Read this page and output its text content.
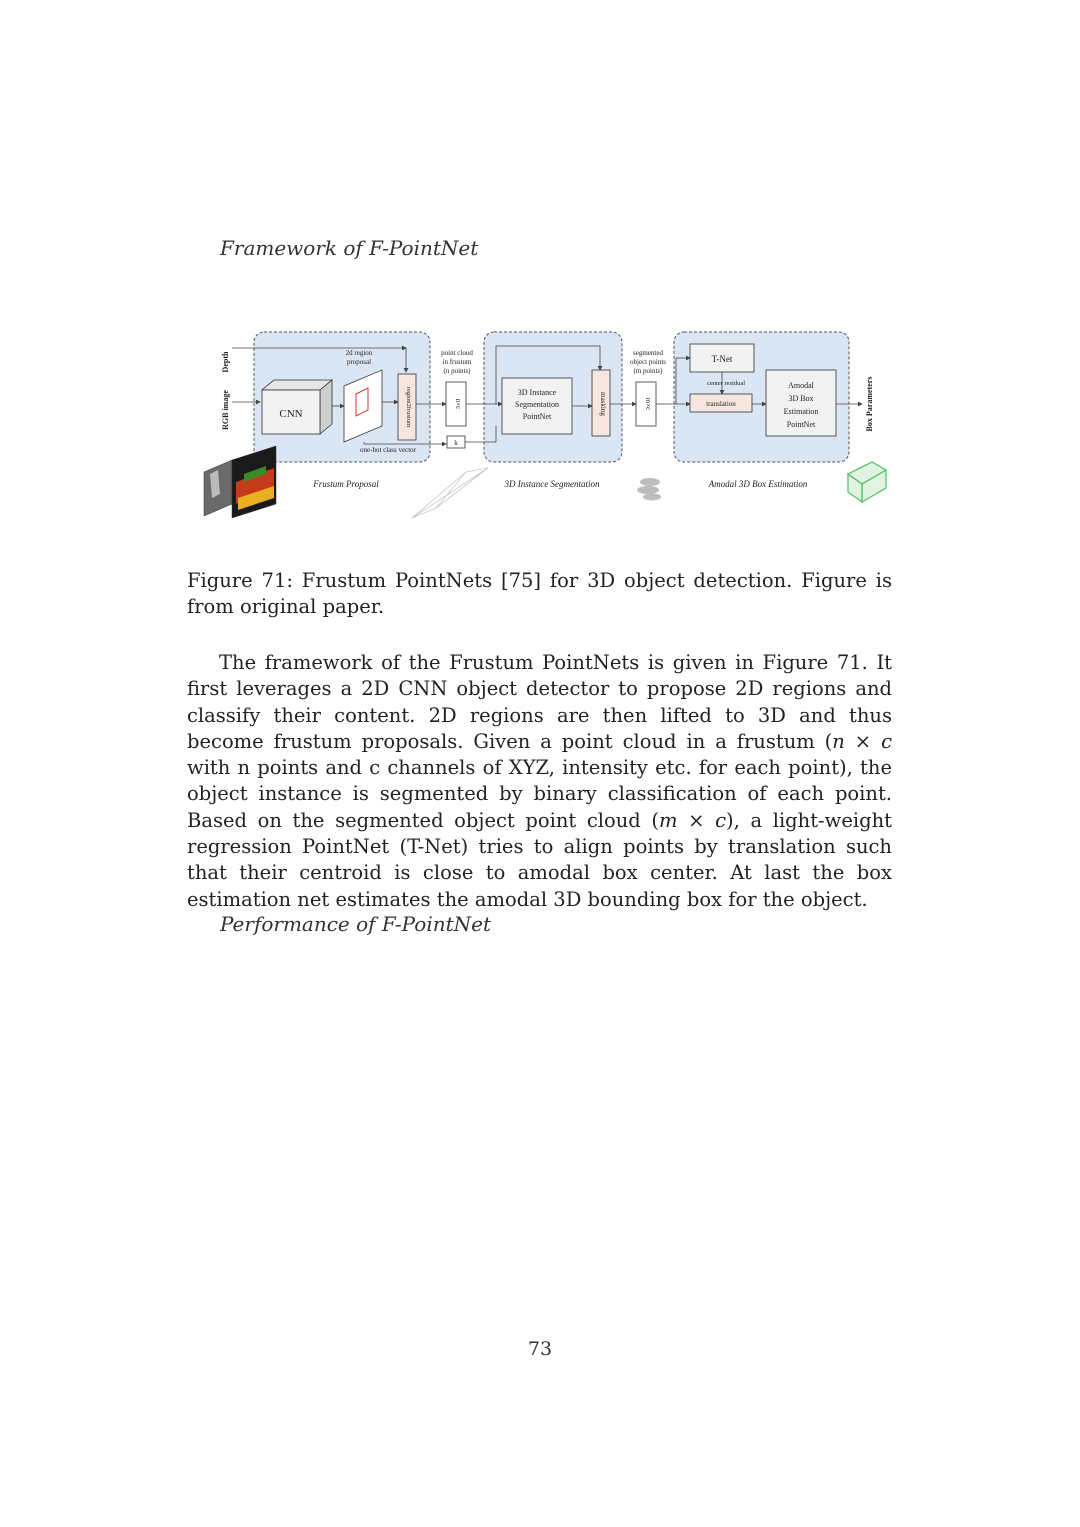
Framework of F-PointNet
Depth
RGB image	CNN
2d region
proposal
region2frustum
one-hot class vector
point cloud
in frustum
(n points)
n×c
k
3D Instance
Segmentation
PointNet
masking
segmented
object points
(m points)
m×c
T-Net
center residual
translation
Amodal
3D Box
Estimation
PointNet	Box Parameters
Frustum Proposal	3D Instance Segmentation	Amodal 3D Box Estimation
Figure 71: Frustum PointNets [75] for 3D object detection. Figure is from original paper.
The framework of the Frustum PointNets is given in Figure 71. It first leverages a 2D CNN object detector to propose 2D regions and classify their content. 2D regions are then lifted to 3D and thus become frustum proposals. Given a point cloud in a frustum (n × c with n points and c channels of XYZ, intensity etc. for each point), the object instance is segmented by binary classification of each point. Based on the segmented object point cloud (m × c), a light-weight regression PointNet (T-Net) tries to align points by translation such that their centroid is close to amodal box center. At last the box estimation net estimates the amodal 3D bounding box for the object.
Performance of F-PointNet
73
